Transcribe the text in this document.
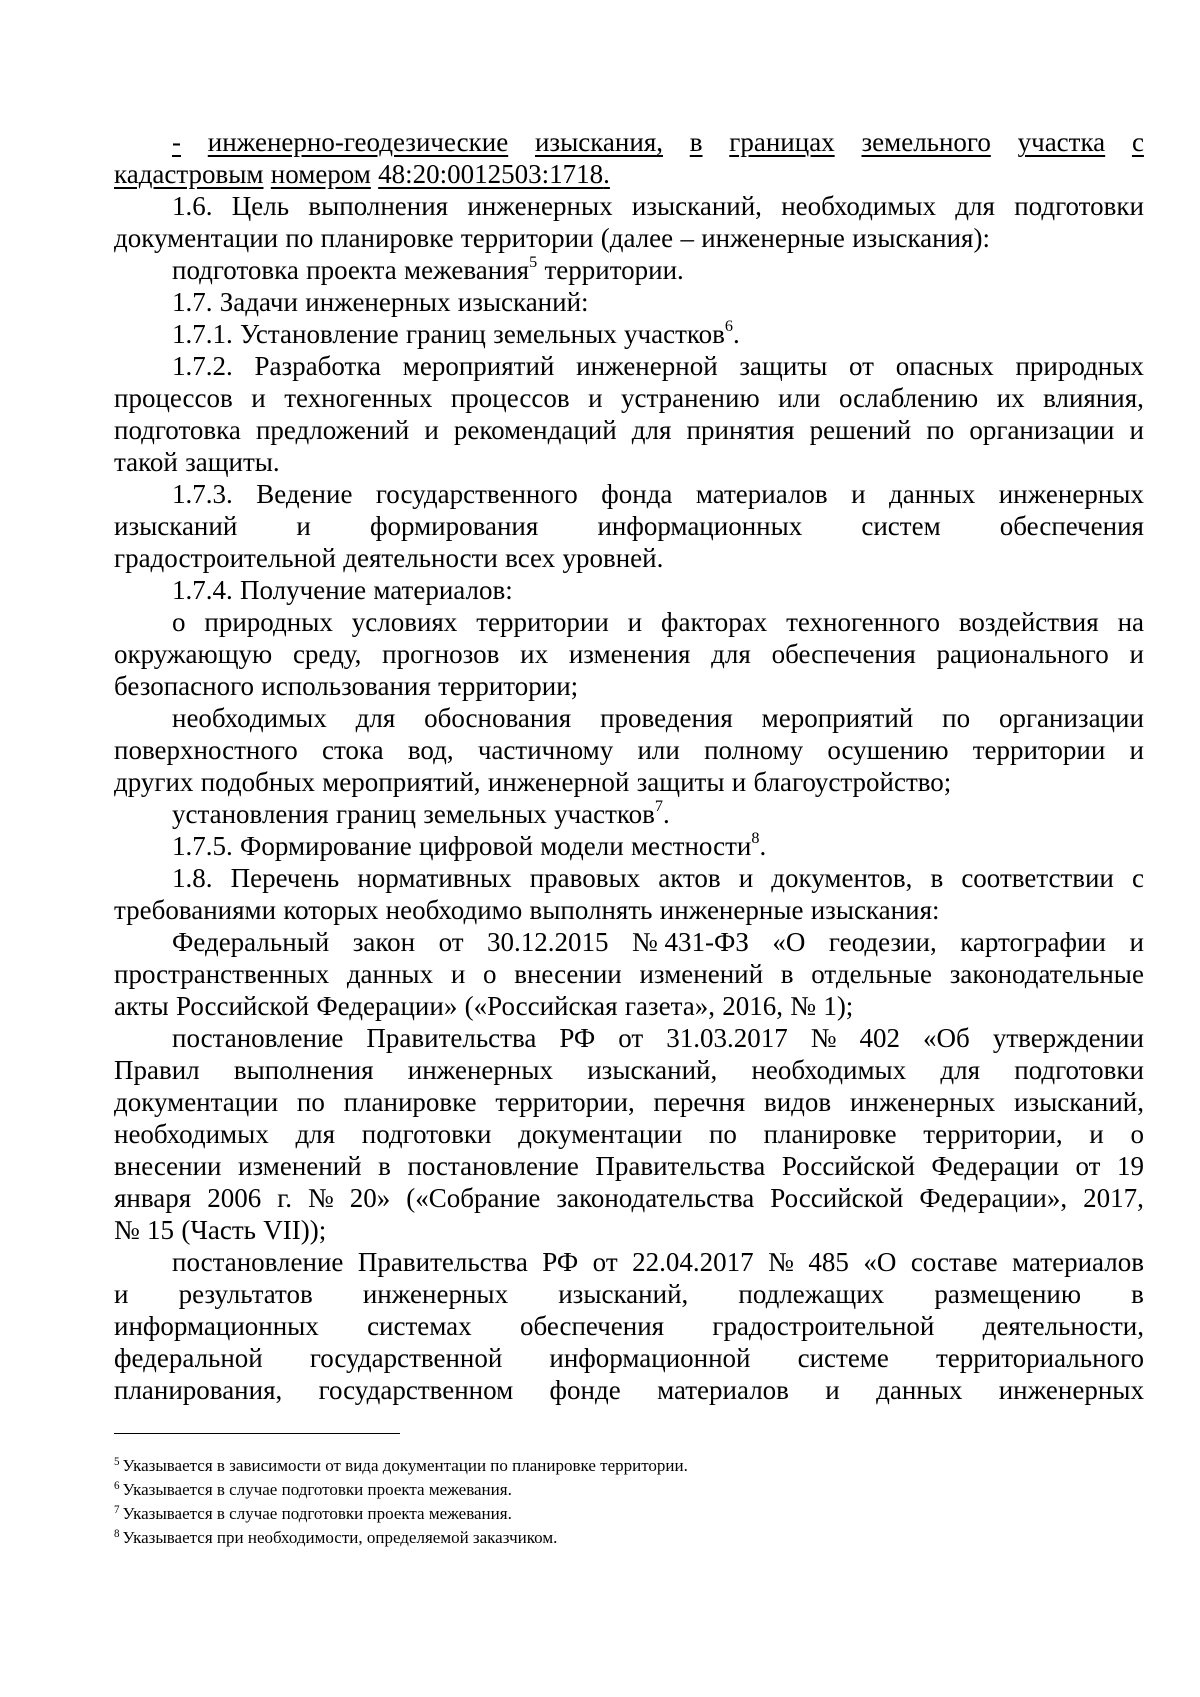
- инженерно-геодезические изыскания, в границах земельного участка с
кадастровым номером 48:20:0012503:1718.
1.6. Цель выполнения инженерных изысканий, необходимых для подготовки
документации по планировке территории (далее – инженерные изыскания):
подготовка проекта межевания$^5$ территории.
1.7. Задачи инженерных изысканий:
1.7.1. Установление границ земельных участков$^6$.
1.7.2. Разработка мероприятий инженерной защиты от опасных природных
процессов и техногенных процессов и устранению или ослаблению их влияния,
подготовка предложений и рекомендаций для принятия решений по организации и
такой защиты.
1.7.3. Ведение государственного фонда материалов и данных инженерных
изысканий и формирования информационных систем обеспечения
градостроительной деятельности всех уровней.
1.7.4. Получение материалов:
о природных условиях территории и факторах техногенного воздействия на
окружающую среду, прогнозов их изменения для обеспечения рационального и
безопасного использования территории;
необходимых для обоснования проведения мероприятий по организации
поверхностного стока вод, частичному или полному осушению территории и
других подобных мероприятий, инженерной защиты и благоустройство;
установления границ земельных участков$^7$.
1.7.5. Формирование цифровой модели местности$^8$.
1.8. Перечень нормативных правовых актов и документов, в соответствии с
требованиями которых необходимо выполнять инженерные изыскания:
Федеральный закон от 30.12.2015 № 431-ФЗ «О геодезии, картографии и
пространственных данных и о внесении изменений в отдельные законодательные
акты Российской Федерации» («Российская газета», 2016, № 1);
постановление Правительства РФ от 31.03.2017 № 402 «Об утверждении
Правил выполнения инженерных изысканий, необходимых для подготовки
документации по планировке территории, перечня видов инженерных изысканий,
необходимых для подготовки документации по планировке территории, и о
внесении изменений в постановление Правительства Российской Федерации от 19
января 2006 г. № 20» («Собрание законодательства Российской Федерации», 2017,
№ 15 (Часть VII));
постановление Правительства РФ от 22.04.2017 № 485 «О составе материалов
и результатов инженерных изысканий, подлежащих размещению в
информационных системах обеспечения градостроительной деятельности,
федеральной государственной информационной системе территориального
планирования, государственном фонде материалов и данных инженерных
$^5$ Указывается в зависимости от вида документации по планировке территории.
$^6$ Указывается в случае подготовки проекта межевания.
$^7$ Указывается в случае подготовки проекта межевания.
$^8$ Указывается при необходимости, определяемой заказчиком.
